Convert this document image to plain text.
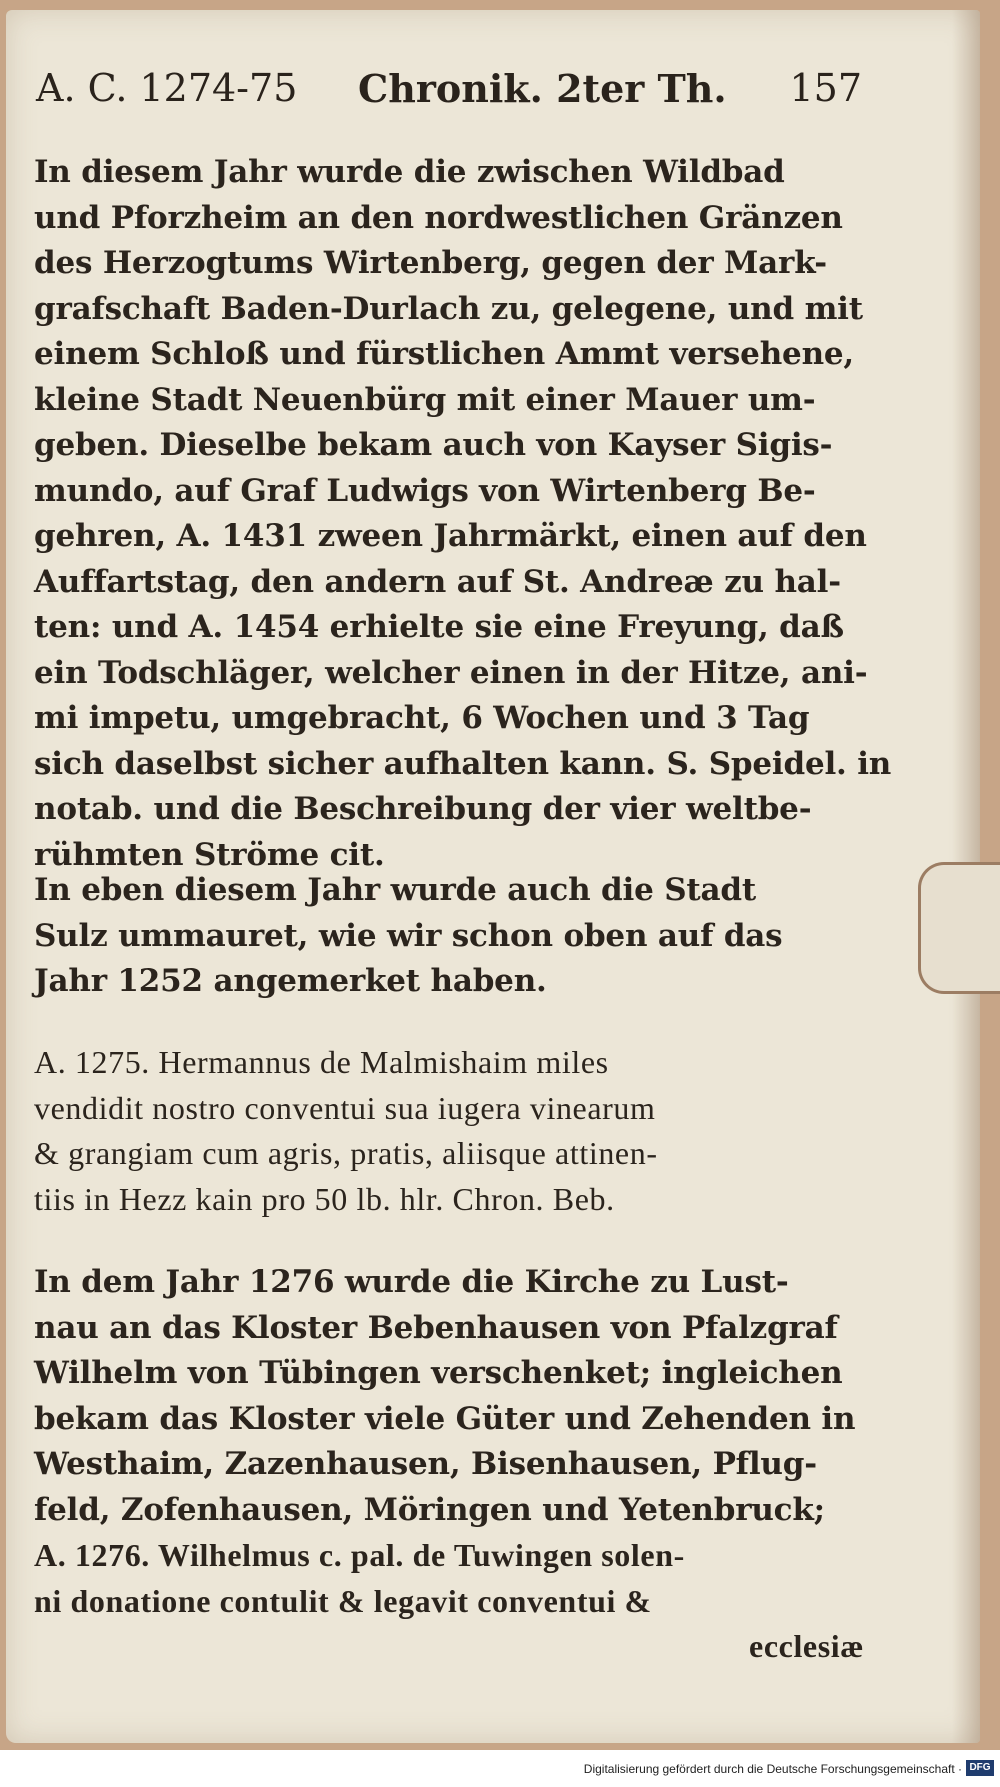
A. C. 1274-75 Chronik. 2ter Th. 157
In diesem Jahr wurde die zwischen Wildbad
und Pforzheim an den nordwestlichen Gränzen
des Herzogtums Wirtenberg, gegen der Mark-
grafschaft Baden-Durlach zu, gelegene, und mit
einem Schloß und fürstlichen Ammt versehene,
kleine Stadt Neuenbürg mit einer Mauer um-
geben. Dieselbe bekam auch von Kayser Sigis-
mundo, auf Graf Ludwigs von Wirtenberg Be-
gehren, A. 1431 zween Jahrmärkt, einen auf den
Auffartstag, den andern auf St. Andreæ zu hal-
ten: und A. 1454 erhielte sie eine Freyung, daß
ein Todschläger, welcher einen in der Hitze, ani-
mi impetu, umgebracht, 6 Wochen und 3 Tag
sich daselbst sicher aufhalten kann. S. Speidel. in
notab. und die Beschreibung der vier weltbe-
rühmten Ströme cit.
In eben diesem Jahr wurde auch die Stadt
Sulz ummauret, wie wir schon oben auf das
Jahr 1252 angemerket haben.
A. 1275. Hermannus de Malmishaim miles
vendidit nostro conventui sua iugera vinearum
& grangiam cum agris, pratis, aliisque attinen-
tiis in Hezz kain pro 50 lb. hlr. Chron. Beb.
In dem Jahr 1276 wurde die Kirche zu Lust-
nau an das Kloster Bebenhausen von Pfalzgraf
Wilhelm von Tübingen verschenket; ingleichen
bekam das Kloster viele Güter und Zehenden in
Westhaim, Zazenhausen, Bisenhausen, Pflug-
feld, Zofenhausen, Möringen und Yetenbruck;
A. 1276. Wilhelmus c. pal. de Tuwingen solen-
ni donatione contulit & legavit conventui &
ecclesiæ
Digitalisierung gefördert durch die Deutsche Forschungsgemeinschaft · DFG
